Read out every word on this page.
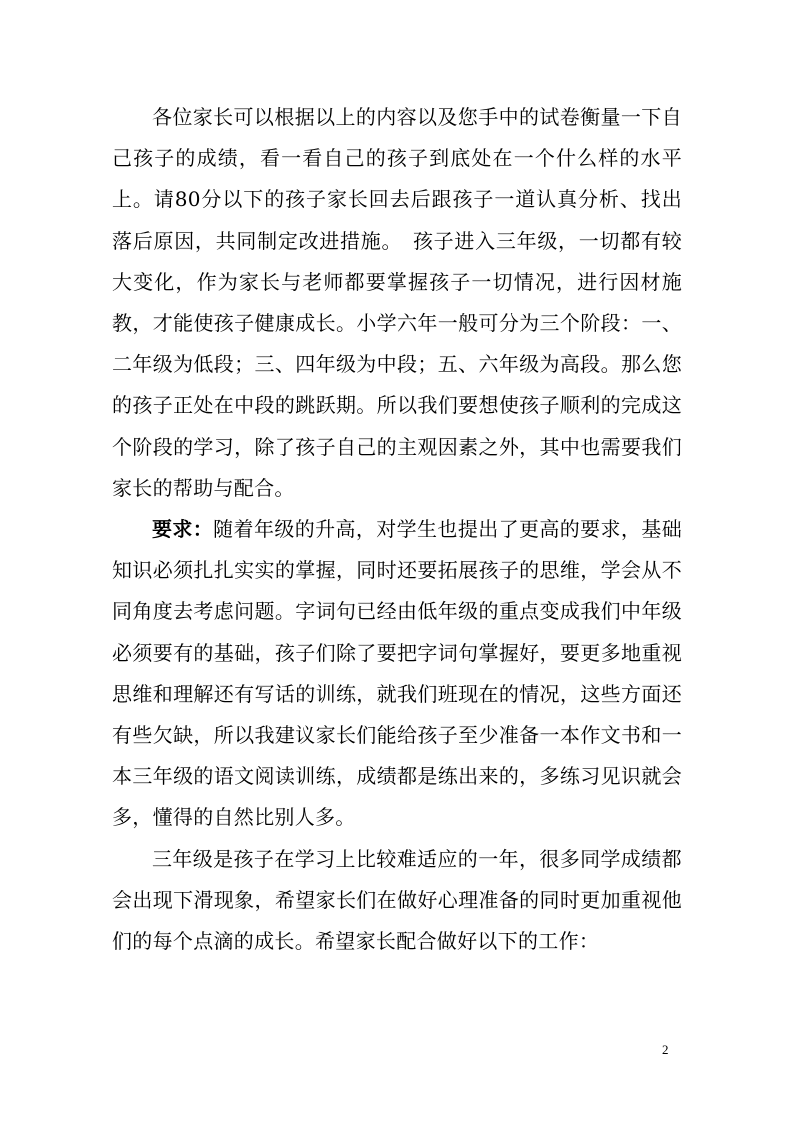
各位家长可以根据以上的内容以及您手中的试卷衡量一下自己孩子的成绩，看一看自己的孩子到底处在一个什么样的水平上。请80分以下的孩子家长回去后跟孩子一道认真分析、找出落后原因，共同制定改进措施。　孩子进入三年级，一切都有较大变化，作为家长与老师都要掌握孩子一切情况，进行因材施教，才能使孩子健康成长。小学六年一般可分为三个阶段：一、二年级为低段；三、四年级为中段；五、六年级为高段。那么您的孩子正处在中段的跳跃期。所以我们要想使孩子顺利的完成这个阶段的学习，除了孩子自己的主观因素之外，其中也需要我们家长的帮助与配合。

要求：随着年级的升高，对学生也提出了更高的要求，基础知识必须扎扎实实的掌握，同时还要拓展孩子的思维，学会从不同角度去考虑问题。字词句已经由低年级的重点变成我们中年级必须要有的基础，孩子们除了要把字词句掌握好，要更多地重视思维和理解还有写话的训练，就我们班现在的情况，这些方面还有些欠缺，所以我建议家长们能给孩子至少准备一本作文书和一本三年级的语文阅读训练，成绩都是练出来的，多练习见识就会多，懂得的自然比别人多。

三年级是孩子在学习上比较难适应的一年，很多同学成绩都会出现下滑现象，希望家长们在做好心理准备的同时更加重视他们的每个点滴的成长。希望家长配合做好以下的工作：

2
